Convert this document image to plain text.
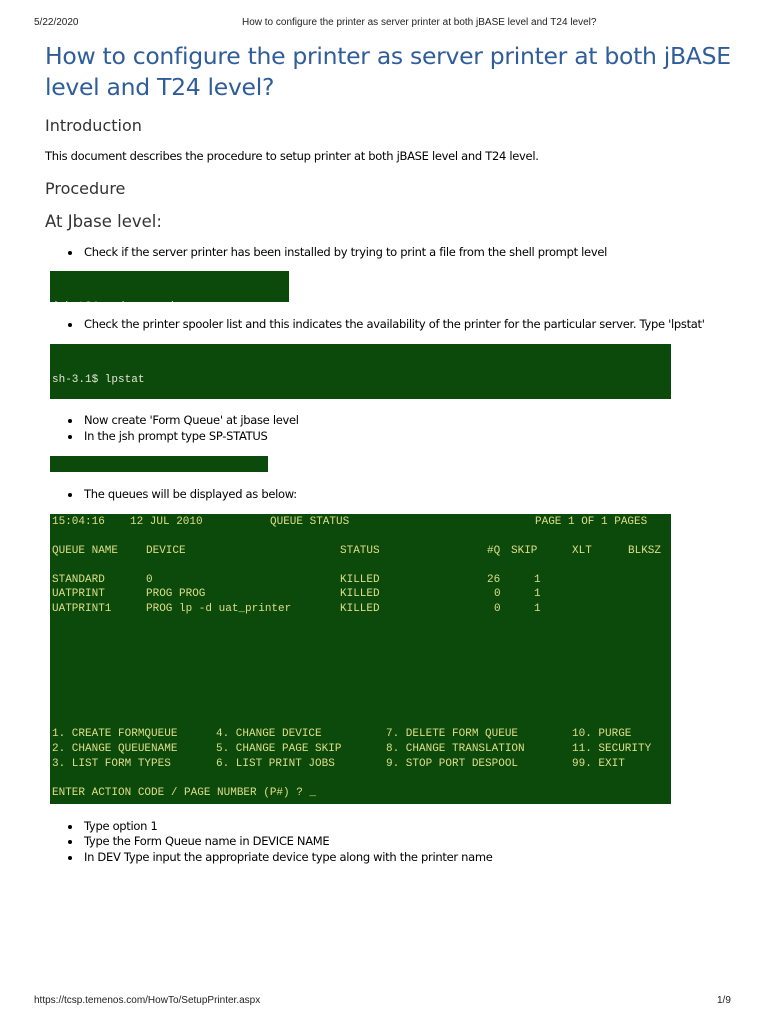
5/22/2020	How to configure the printer as server printer at both jBASE level and T24 level?
How to configure the printer as server printer at both jBASE level and T24 level?
Introduction
This document describes the procedure to setup printer at both jBASE level and T24 level.
Procedure
At Jbase level:
Check if the server printer has been installed by trying to print a file from the shell prompt level

Check the printer spooler list and this indicates the availability of the printer for the particular server. Type 'lpstat'

sh-3.1$ lpstat

Now create 'Form Queue' at jbase level
In the jsh prompt type SP-STATUS

The queues will be displayed as below:
15:04:16 12 JUL 2010	QUEUE STATUS	PAGE 1 OF 1 PAGES
QUEUE NAME	DEVICE	STATUS	#Q SKIP	XLT	BLKSZ
STANDARD	0	KILLED	26	1
UATPRINT	PROG PROG	KILLED	0	1
UATPRINT1	PROG lp -d uat_printer	KILLED	0	1
1. CREATE FORMQUEUE	4. CHANGE DEVICE	7. DELETE FORM QUEUE	10. PURGE
2. CHANGE QUEUENAME	5. CHANGE PAGE SKIP	8. CHANGE TRANSLATION	11. SECURITY
3. LIST FORM TYPES	6. LIST PRINT JOBS	9. STOP PORT DESPOOL	99. EXIT
ENTER ACTION CODE / PAGE NUMBER (P#) ? _
Type option 1
Type the Form Queue name in DEVICE NAME
In DEV Type input the appropriate device type along with the printer name
https://tcsp.temenos.com/HowTo/SetupPrinter.aspx	1/9
